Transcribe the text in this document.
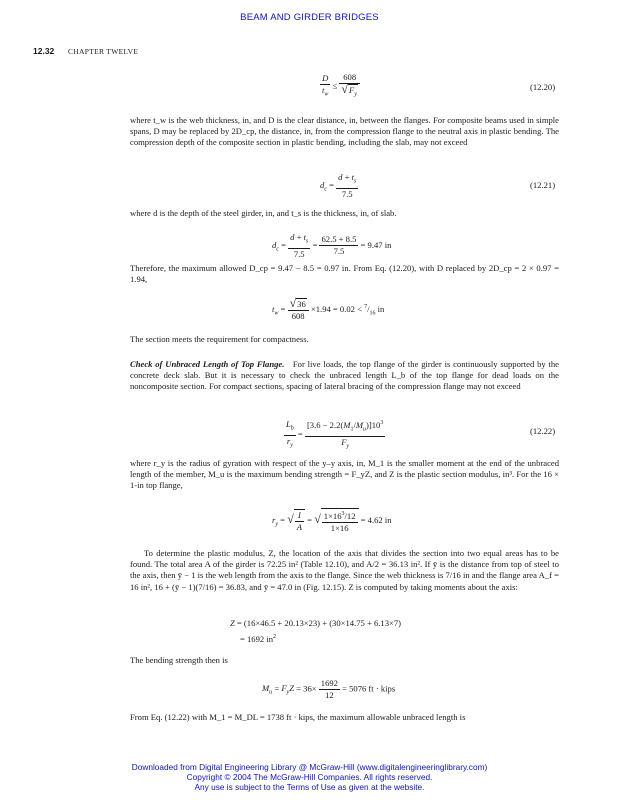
BEAM AND GIRDER BRIDGES
12.32 CHAPTER TWELVE
$\frac{D}{t_w} \le \frac{608}{√F_y}$	(12.20)

where t_w is the web thickness, in, and D is the clear distance, in, between the flanges. For composite beams used in simple spans, D may be replaced by 2D_cp, the distance, in, from the compression flange to the neutral axis in plastic bending. The compression depth of the composite section in plastic bending, including the slab, may not exceed

$d_c = \frac{d + t_s}{7.5}$	(12.21)

where d is the depth of the steel girder, in, and t_s is the thickness, in, of slab.

$d_c = \frac{d + t_s}{7.5} = \frac{62.5 + 8.5}{7.5} = 9.47$ in

Therefore, the maximum allowed D_cp = 9.47 − 8.5 = 0.97 in. From Eq. (12.20), with D replaced by 2D_cp = 2 × 0.97 = 1.94,

$t_w = \frac{√36}{608} \times 1.94 = 0.02 < ^7/_{16}$ in

The section meets the requirement for compactness.

Check of Unbraced Length of Top Flange. For live loads, the top flange of the girder is continuously supported by the concrete deck slab. But it is necessary to check the unbraced length L_b of the top flange for dead loads on the noncomposite section. For compact sections, spacing of lateral bracing of the compression flange may not exceed

$\frac{L_b}{r_y} = \frac{[3.6 - 2.2(M_1/M_u)]10^3}{F_y}$	(12.22)

where r_y is the radius of gyration with respect of the y–y axis, in, M_1 is the smaller moment at the end of the unbraced length of the member, M_u is the maximum bending strength = F_yZ, and Z is the plastic section modulus, in³. For the 16 × 1-in top flange,

$r_y$ = √ $\frac{I}{A}$ = √ $\frac{1\times 16^3/12}{1\times 16} = 4.62$ in

To determine the plastic modulus, Z, the location of the axis that divides the section into two equal areas has to be found. The total area A of the girder is 72.25 in² (Table 12.10), and A/2 = 36.13 in². If ȳ is the distance from top of steel to the axis, then ȳ − 1 is the web length from the axis to the flange. Since the web thickness is 7/16 in and the flange area A_f = 16 in², 16 + (ȳ − 1)(7/16) = 36.83, and ȳ = 47.0 in (Fig. 12.15). Z is computed by taking moments about the axis:

Z = (16×46.5 + 20.13×23) + (30×14.75 + 6.13×7)
= 1692 $in^2$

The bending strength then is

$M_u = F_yZ = 36\times \frac{1692}{12} = 5076$ ft · kips

From Eq. (12.22) with M_1 = M_DL = 1738 ft · kips, the maximum allowable unbraced length is

Downloaded from Digital Engineering Library @ McGraw-Hill (www.digitalengineeringlibrary.com)
Copyright © 2004 The McGraw-Hill Companies. All rights reserved.
Any use is subject to the Terms of Use as given at the website.
